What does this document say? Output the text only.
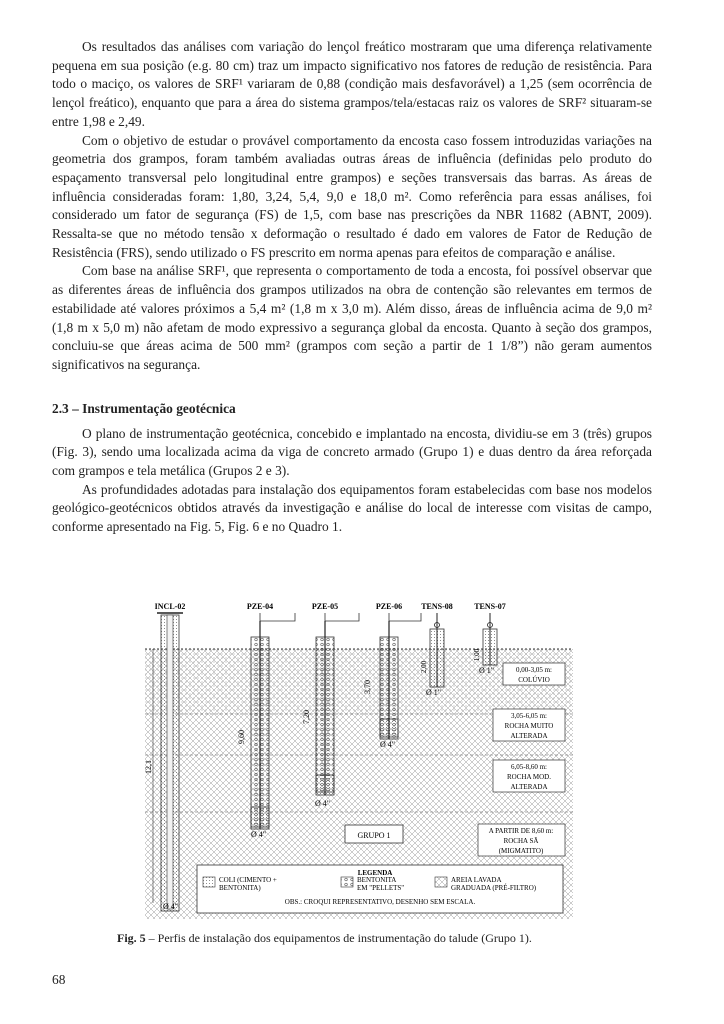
Os resultados das análises com variação do lençol freático mostraram que uma diferença relativamente pequena em sua posição (e.g. 80 cm) traz um impacto significativo nos fatores de redução de resistência. Para todo o maciço, os valores de SRF¹ variaram de 0,88 (condição mais desfavorável) a 1,25 (sem ocorrência de lençol freático), enquanto que para a área do sistema grampos/tela/estacas raiz os valores de SRF² situaram-se entre 1,98 e 2,49.

Com o objetivo de estudar o provável comportamento da encosta caso fossem introduzidas variações na geometria dos grampos, foram também avaliadas outras áreas de influência (definidas pelo produto do espaçamento transversal pelo longitudinal entre grampos) e seções transversais das barras. As áreas de influência consideradas foram: 1,80, 3,24, 5,4, 9,0 e 18,0 m². Como referência para essas análises, foi considerado um fator de segurança (FS) de 1,5, com base nas prescrições da NBR 11682 (ABNT, 2009). Ressalta-se que no método tensão x deformação o resultado é dado em valores de Fator de Redução de Resistência (FRS), sendo utilizado o FS prescrito em norma apenas para efeitos de comparação e análise.

Com base na análise SRF¹, que representa o comportamento de toda a encosta, foi possível observar que as diferentes áreas de influência dos grampos utilizados na obra de contenção são relevantes em termos de estabilidade até valores próximos a 5,4 m² (1,8 m x 3,0 m). Além disso, áreas de influência acima de 9,0 m² (1,8 m x 5,0 m) não afetam de modo expressivo a segurança global da encosta. Quanto à seção dos grampos, concluiu-se que áreas acima de 500 mm² (grampos com seção a partir de 1 1/8”) não geram aumentos significativos na segurança.

2.3 – Instrumentação geotécnica

O plano de instrumentação geotécnica, concebido e implantado na encosta, dividiu-se em 3 (três) grupos (Fig. 3), sendo uma localizada acima da viga de concreto armado (Grupo 1) e duas dentro da área reforçada com grampos e tela metálica (Grupos 2 e 3).

As profundidades adotadas para instalação dos equipamentos foram estabelecidas com base nos modelos geológico-geotécnicos obtidos através da investigação e análise do local de interesse com visitas de campo, conforme apresentado na Fig. 5, Fig. 6 e no Quadro 1.

INCL-02	PZE-04	PZE-05	PZE-06 TENS-08	TENS-07
12,1
Ø 4"
9,60
Ø 4"
7,20
Ø 4"
3,70
Ø 4"
2,00
Ø 1"
1,00
Ø 1"	0,00-3,05 m:
COLÚVIO
3,05-6,05 m:
ROCHA MUITO
ALTERADA
6,05-8,60 m:
ROCHA MOD.
ALTERADA
A PARTIR DE 8,60 m:
ROCHA SÃ
(MIGMATITO)
GRUPO 1
LEGENDA
COLI (CIMENTO +
BENTONITA)
BENTONITA
EM "PELLETS"
AREIA LAVADA
GRADUADA (PRÉ-FILTRO)
OBS.: CROQUI REPRESENTATIVO, DESENHO SEM ESCALA.
Fig. 5 – Perfis de instalação dos equipamentos de instrumentação do talude (Grupo 1).
68
